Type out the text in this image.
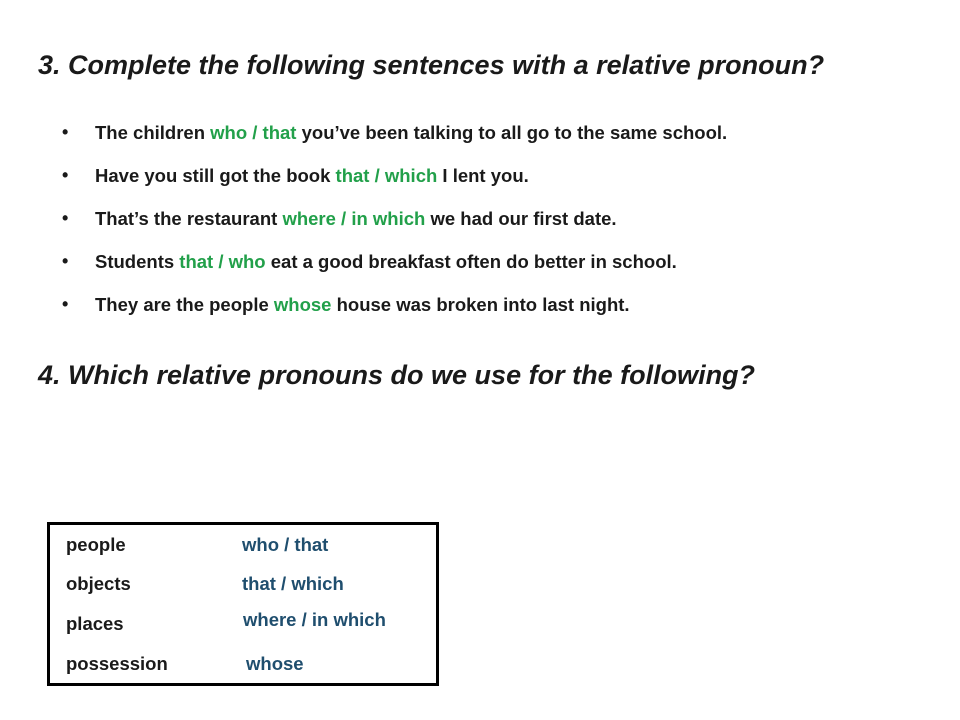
3. Complete the following sentences with a relative pronoun?
• The children who / that you’ve been talking to all go to the same school.
• Have you still got the book that / which I lent you.
• That’s the restaurant where / in which we had our first date.
• Students that / who eat a good breakfast often do better in school.
• They are the people whose house was broken into last night.
4. Which relative pronouns do we use for the following?
people	who / that
objects	that / which
places	where / in which
possession	whose
